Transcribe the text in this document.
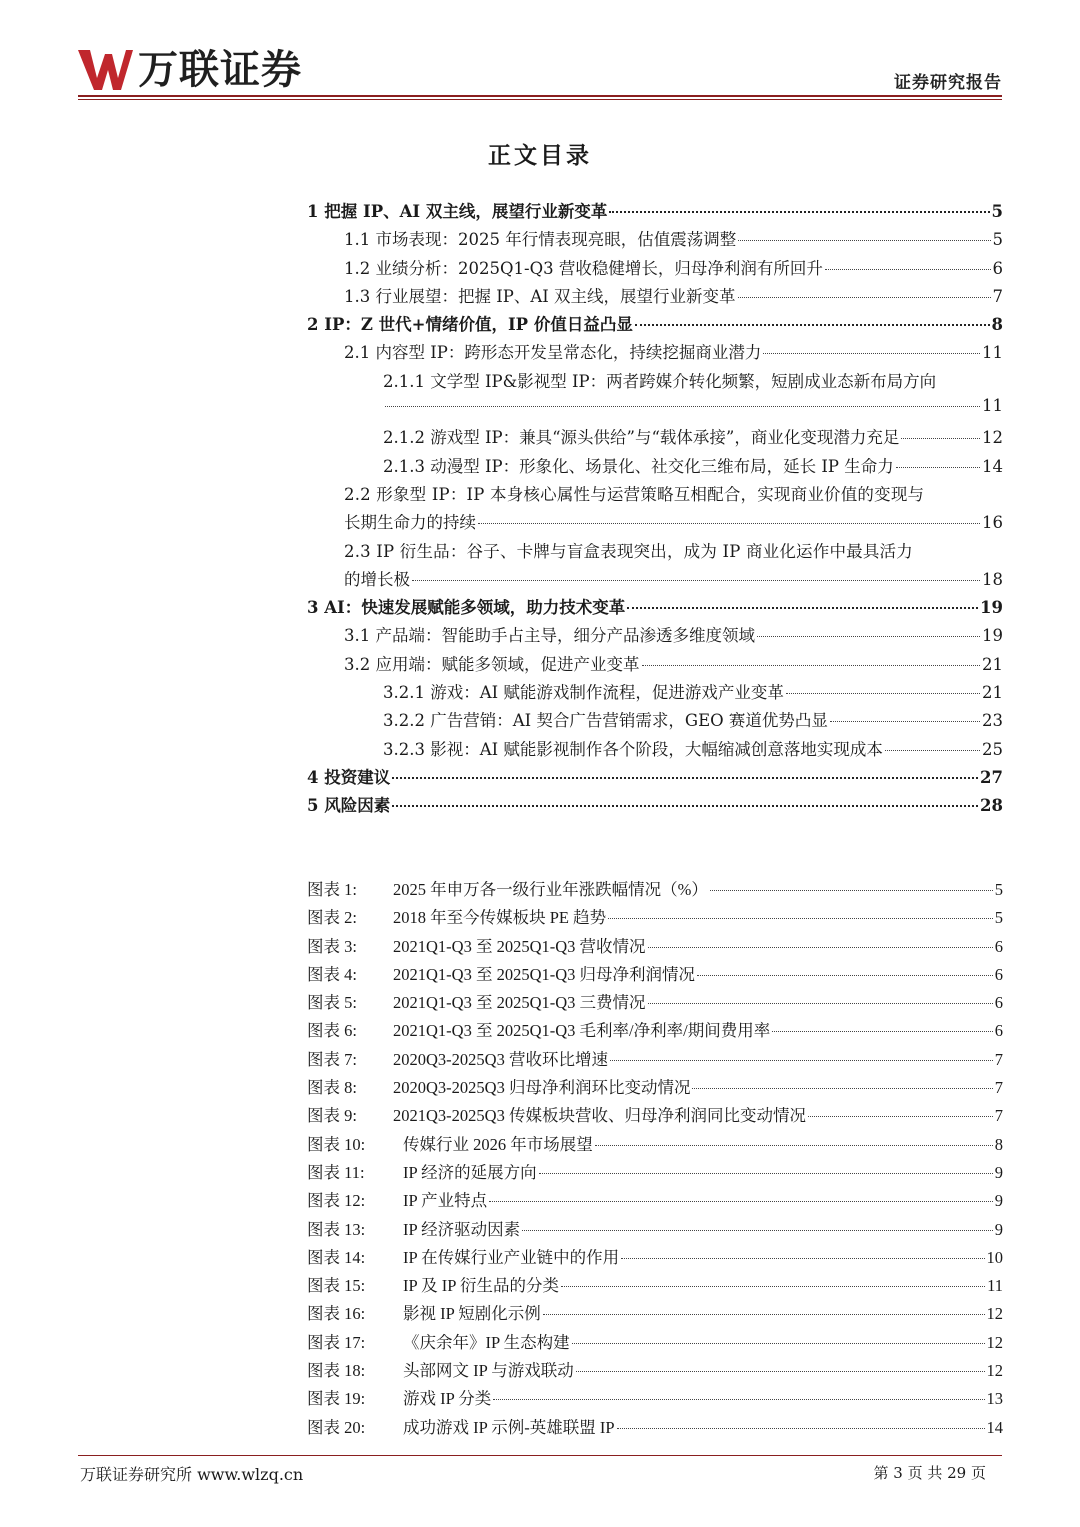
万联证券	证券研究报告
正文目录
1 把握 IP、AI 双主线，展望行业新变革	5
1.1 市场表现：2025 年行情表现亮眼，估值震荡调整	5
1.2 业绩分析：2025Q1-Q3 营收稳健增长，归母净利润有所回升	6
1.3 行业展望：把握 IP、AI 双主线，展望行业新变革	7
2 IP：Z 世代+情绪价值，IP 价值日益凸显	8
2.1 内容型 IP：跨形态开发呈常态化，持续挖掘商业潜力	11
2.1.1 文学型 IP&影视型 IP：两者跨媒介转化频繁，短剧成业态新布局方向
11
2.1.2 游戏型 IP：兼具“源头供给”与“载体承接”，商业化变现潜力充足	12
2.1.3 动漫型 IP：形象化、场景化、社交化三维布局，延长 IP 生命力	14
2.2 形象型 IP：IP 本身核心属性与运营策略互相配合，实现商业价值的变现与
长期生命力的持续	16
2.3 IP 衍生品：谷子、卡牌与盲盒表现突出，成为 IP 商业化运作中最具活力
的增长极	18
3 AI：快速发展赋能多领域，助力技术变革	19
3.1 产品端：智能助手占主导，细分产品渗透多维度领域	19
3.2 应用端：赋能多领域，促进产业变革	21
3.2.1 游戏：AI 赋能游戏制作流程，促进游戏产业变革	21
3.2.2 广告营销：AI 契合广告营销需求，GEO 赛道优势凸显	23
3.2.3 影视：AI 赋能影视制作各个阶段，大幅缩减创意落地实现成本	25
4 投资建议	27
5 风险因素	28
图表 1:	2025 年申万各一级行业年涨跌幅情况（%）	5
图表 2:	2018 年至今传媒板块 PE 趋势	5
图表 3:	2021Q1-Q3 至 2025Q1-Q3 营收情况	6
图表 4:	2021Q1-Q3 至 2025Q1-Q3 归母净利润情况	6
图表 5:	2021Q1-Q3 至 2025Q1-Q3 三费情况	6
图表 6:	2021Q1-Q3 至 2025Q1-Q3 毛利率/净利率/期间费用率	6
图表 7:	2020Q3-2025Q3 营收环比增速	7
图表 8:	2020Q3-2025Q3 归母净利润环比变动情况	7
图表 9:	2021Q3-2025Q3 传媒板块营收、归母净利润同比变动情况	7
图表 10:	传媒行业 2026 年市场展望	8
图表 11:	IP 经济的延展方向	9
图表 12:	IP 产业特点	9
图表 13:	IP 经济驱动因素	9
图表 14:	IP 在传媒行业产业链中的作用	10
图表 15:	IP 及 IP 衍生品的分类	11
图表 16:	影视 IP 短剧化示例	12
图表 17:	《庆余年》IP 生态构建	12
图表 18:	头部网文 IP 与游戏联动	12
图表 19:	游戏 IP 分类	13
图表 20:	成功游戏 IP 示例-英雄联盟 IP	14
万联证券研究所 www.wlzq.cn	第 3 页 共 29 页
